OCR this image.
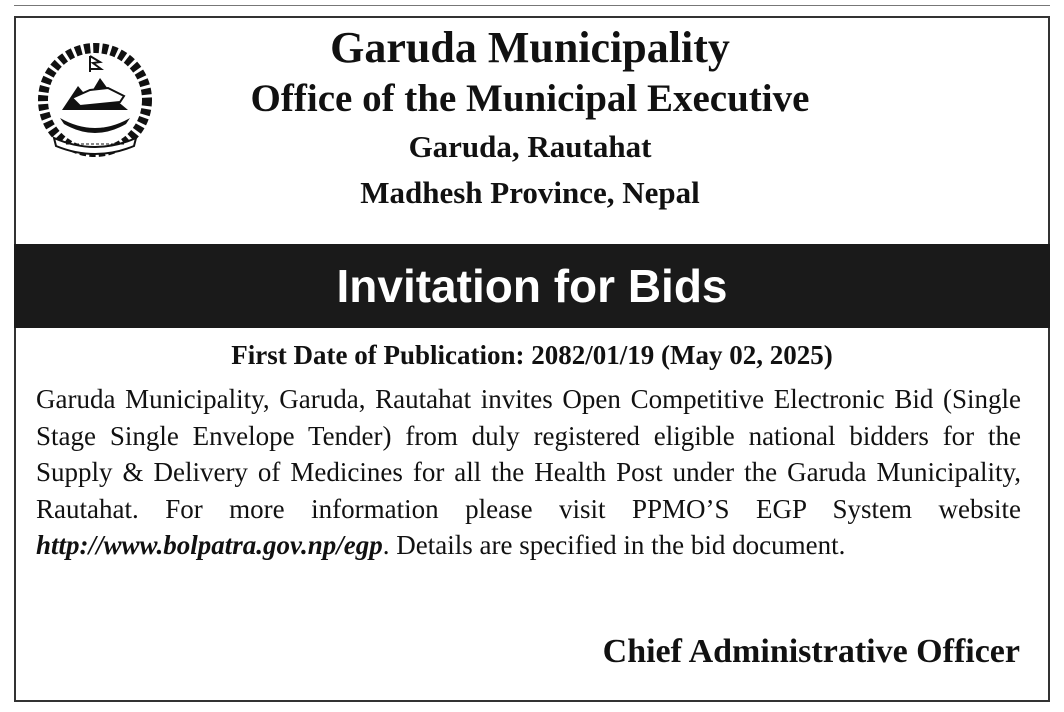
Garuda Municipality

Office of the Municipal Executive

Garuda, Rautahat

Madhesh Province, Nepal

Invitation for Bids
First Date of Publication: 2082/01/19 (May 02, 2025)
Garuda Municipality, Garuda, Rautahat invites Open Competitive Electronic Bid (Single Stage Single Envelope Tender) from duly registered eligible national bidders for the Supply & Delivery of Medicines for all the Health Post under the Garuda Municipality, Rautahat. For more information please visit PPMO’S EGP System website http://www.bolpatra.gov.np/egp. Details are specified in the bid document.
Chief Administrative Officer
